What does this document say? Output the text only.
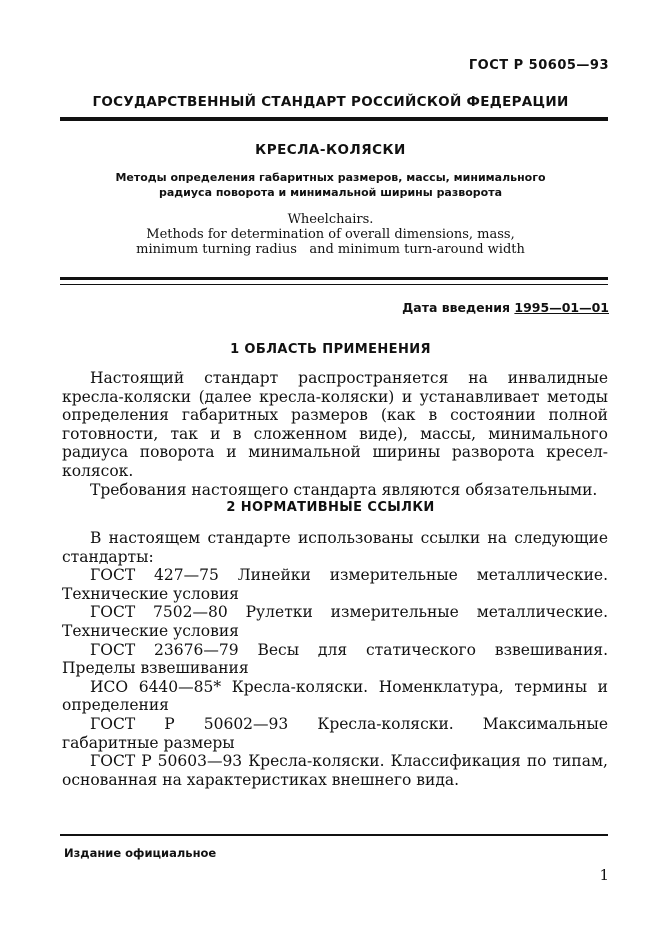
ГОСТ Р 50605—93
ГОСУДАРСТВЕННЫЙ СТАНДАРТ РОССИЙСКОЙ ФЕДЕРАЦИИ
КРЕСЛА-КОЛЯСКИ
Методы определения габаритных размеров, массы, минимального
радиуса поворота и минимальной ширины разворота
Wheelchairs.
Methods for determination of overall dimensions, mass,
minimum turning radius   and minimum turn-around width
Дата введения 1995—01—01
1 ОБЛАСТЬ ПРИМЕНЕНИЯ

Настоящий стандарт распространяется на инвалидные кресла-коляски (далее кресла-коляски) и устанавливает методы определения габаритных размеров (как в состоянии полной готовности, так и в сложенном виде), массы, минимального радиуса поворота и минимальной ширины разворота кресел-колясок.

Требования настоящего стандарта являются обязательными.

2 НОРМАТИВНЫЕ ССЫЛКИ

В настоящем стандарте использованы ссылки на следующие стандарты:

ГОСТ 427—75 Линейки измерительные металлические. Технические условия

ГОСТ 7502—80 Рулетки измерительные металлические. Технические условия

ГОСТ 23676—79 Весы для статического взвешивания. Пределы взвешивания

ИСО 6440—85* Кресла-коляски. Номенклатура, термины и определения

ГОСТ Р 50602—93 Кресла-коляски. Максимальные габаритные размеры

ГОСТ Р 50603—93 Кресла-коляски. Классификация по типам, основанная на характеристиках внешнего вида.

Издание официальное
1
